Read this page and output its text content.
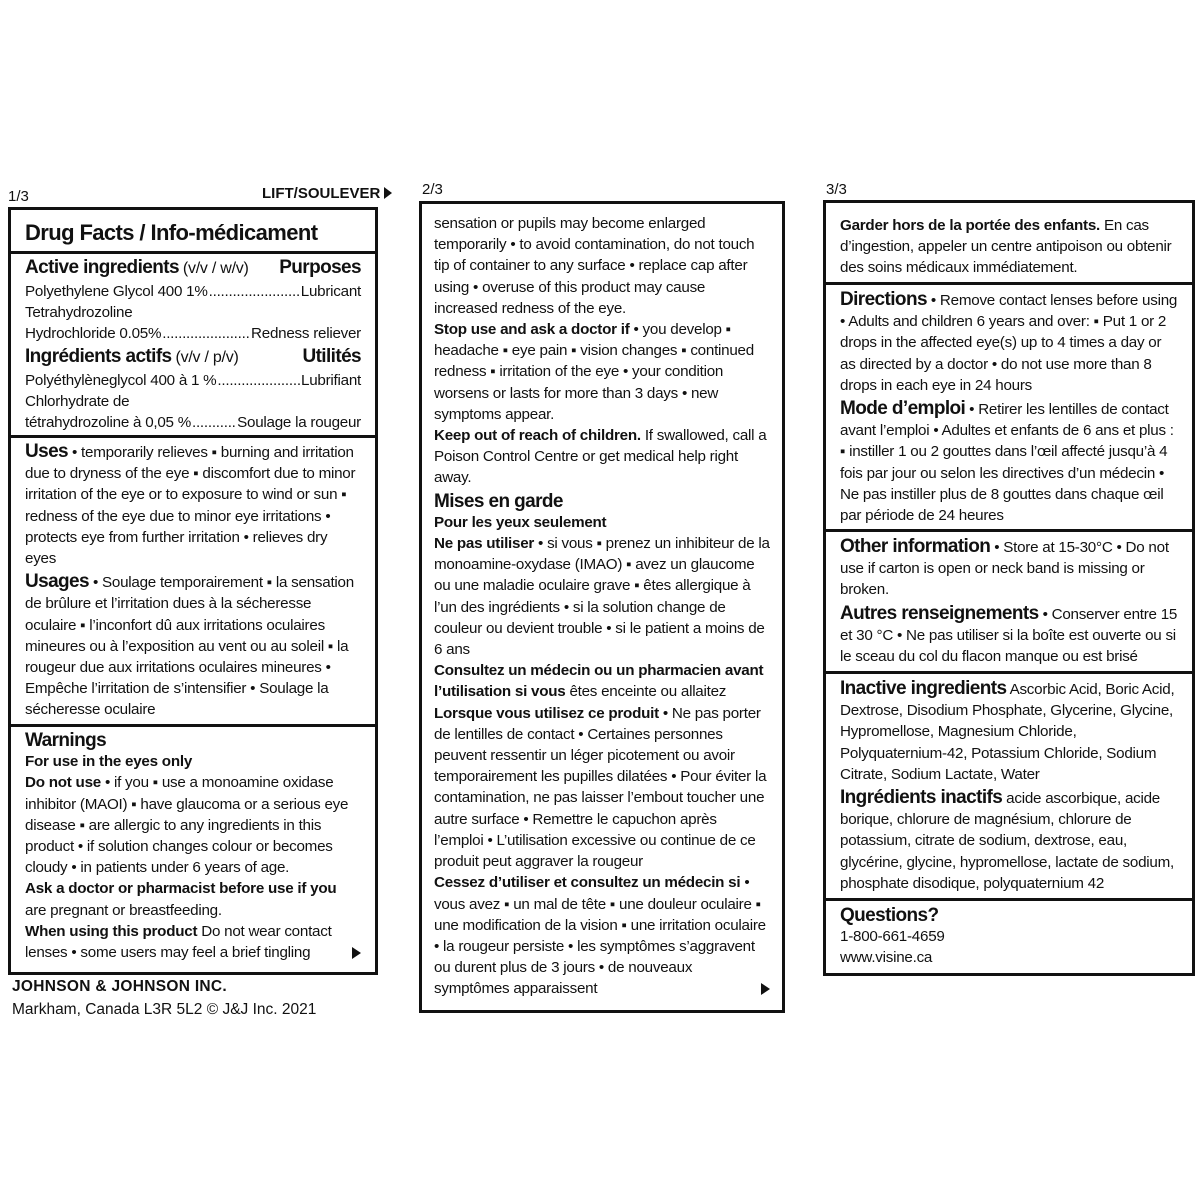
1/3	LIFT/SOULEVER	2/3	3/3
Drug Facts / Info-médicament
Active ingredients (v/v / w/v) Purposes
Polyethylene Glycol 400 1% .....	Lubricant
Tetrahydrozoline
Hydrochloride 0.05% .....	Redness reliever
Ingrédients actifs (v/v / p/v)	Utilités
Polyéthylèneglycol 400 à 1 % .....	Lubrifiant
Chlorhydrate de
tétrahydrozoline à 0,05 % .....	Soulage la rougeur
Uses • temporarily relieves ▪ burning and irritation due to dryness of the eye ▪ discomfort due to minor irritation of the eye or to exposure to wind or sun ▪ redness of the eye due to minor eye irritations • protects eye from further irritation • relieves dry eyes
Usages • Soulage temporairement ▪ la sensation de brûlure et l’irritation dues à la sécheresse oculaire ▪ l’inconfort dû aux irritations oculaires mineures ou à l’exposition au vent ou au soleil ▪ la rougeur due aux irritations oculaires mineures • Empêche l’irritation de s’intensifier • Soulage la sécheresse oculaire
Warnings
For use in the eyes only
Do not use • if you ▪ use a monoamine oxidase inhibitor (MAOI) ▪ have glaucoma or a serious eye disease ▪ are allergic to any ingredients in this product • if solution changes colour or becomes cloudy • in patients under 6 years of age.
Ask a doctor or pharmacist before use if you are pregnant or breastfeeding.
When using this product Do not wear contact lenses • some users may feel a brief tingling
JOHNSON & JOHNSON INC.
Markham, Canada L3R 5L2 © J&J Inc. 2021
sensation or pupils may become enlarged temporarily • to avoid contamination, do not touch tip of container to any surface • replace cap after using • overuse of this product may cause increased redness of the eye.
Stop use and ask a doctor if • you develop ▪ headache ▪ eye pain ▪ vision changes ▪ continued redness ▪ irritation of the eye • your condition worsens or lasts for more than 3 days • new symptoms appear.
Keep out of reach of children. If swallowed, call a Poison Control Centre or get medical help right away.
Mises en garde
Pour les yeux seulement
Ne pas utiliser • si vous ▪ prenez un inhibiteur de la monoamine-oxydase (IMAO) ▪ avez un glaucome ou une maladie oculaire grave ▪ êtes allergique à l’un des ingrédients • si la solution change de couleur ou devient trouble • si le patient a moins de 6 ans
Consultez un médecin ou un pharmacien avant l’utilisation si vous êtes enceinte ou allaitez
Lorsque vous utilisez ce produit • Ne pas porter de lentilles de contact • Certaines personnes peuvent ressentir un léger picotement ou avoir temporairement les pupilles dilatées • Pour éviter la contamination, ne pas laisser l’embout toucher une autre surface • Remettre le capuchon après l’emploi • L’utilisation excessive ou continue de ce produit peut aggraver la rougeur
Cessez d’utiliser et consultez un médecin si • vous avez ▪ un mal de tête ▪ une douleur oculaire ▪ une modification de la vision ▪ une irritation oculaire • la rougeur persiste • les symptômes s’aggravent ou durent plus de 3 jours • de nouveaux symptômes apparaissent
Garder hors de la portée des enfants. En cas d’ingestion, appeler un centre antipoison ou obtenir des soins médicaux immédiatement.
Directions • Remove contact lenses before using • Adults and children 6 years and over: ▪ Put 1 or 2 drops in the affected eye(s) up to 4 times a day or as directed by a doctor • do not use more than 8 drops in each eye in 24 hours
Mode d’emploi • Retirer les lentilles de contact avant l’emploi • Adultes et enfants de 6 ans et plus : ▪ instiller 1 ou 2 gouttes dans l’œil affecté jusqu’à 4 fois par jour ou selon les directives d’un médecin • Ne pas instiller plus de 8 gouttes dans chaque œil par période de 24 heures
Other information • Store at 15-30°C • Do not use if carton is open or neck band is missing or broken.
Autres renseignements • Conserver entre 15 et 30 °C • Ne pas utiliser si la boîte est ouverte ou si le sceau du col du flacon manque ou est brisé
Inactive ingredients Ascorbic Acid, Boric Acid, Dextrose, Disodium Phosphate, Glycerine, Glycine, Hypromellose, Magnesium Chloride, Polyquaternium-42, Potassium Chloride, Sodium Citrate, Sodium Lactate, Water
Ingrédients inactifs acide ascorbique, acide borique, chlorure de magnésium, chlorure de potassium, citrate de sodium, dextrose, eau, glycérine, glycine, hypromellose, lactate de sodium, phosphate disodique, polyquaternium 42
Questions?
1-800-661-4659
www.visine.ca
